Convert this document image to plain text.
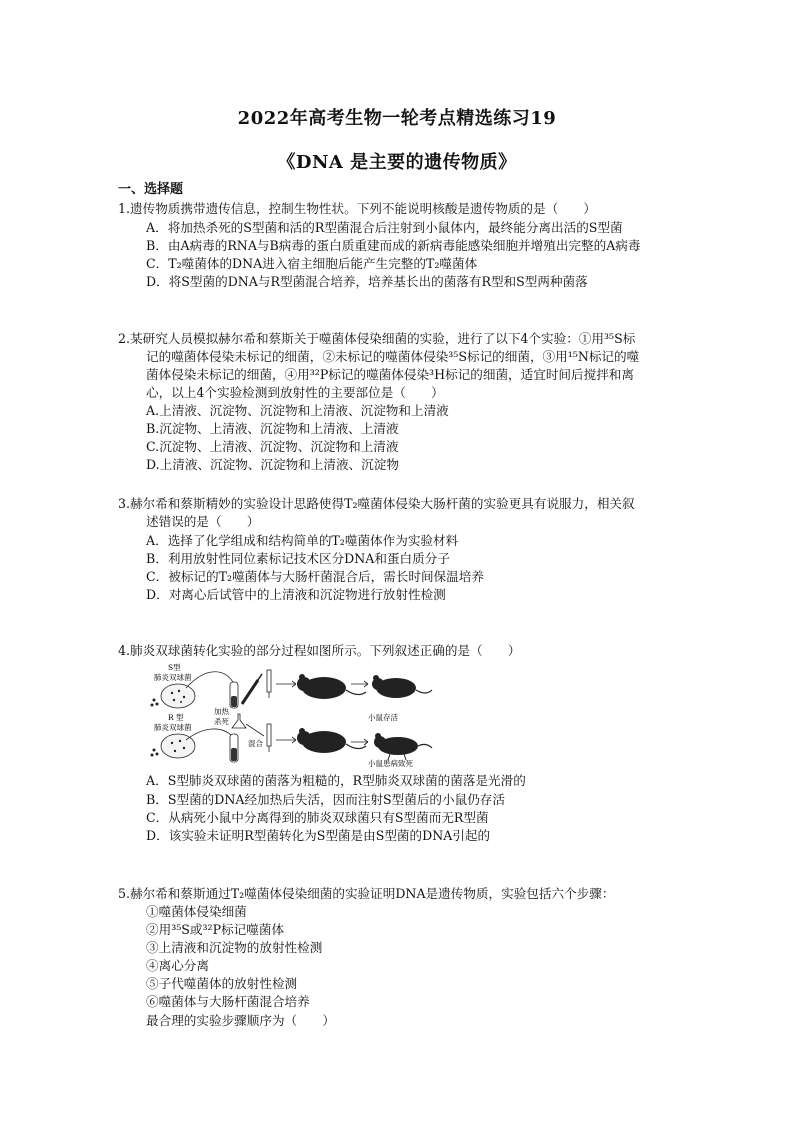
2022年高考生物一轮考点精选练习19
《DNA 是主要的遗传物质》
一、选择题
1.遗传物质携带遗传信息，控制生物性状。下列不能说明核酸是遗传物质的是（　　）
A．将加热杀死的S型菌和活的R型菌混合后注射到小鼠体内，最终能分离出活的S型菌
B．由A病毒的RNA与B病毒的蛋白质重建而成的新病毒能感染细胞并增殖出完整的A病毒
C．T₂噬菌体的DNA进入宿主细胞后能产生完整的T₂噬菌体
D．将S型菌的DNA与R型菌混合培养，培养基长出的菌落有R型和S型两种菌落
2.某研究人员模拟赫尔希和蔡斯关于噬菌体侵染细菌的实验，进行了以下4个实验：①用³⁵S标
记的噬菌体侵染未标记的细菌，②未标记的噬菌体侵染³⁵S标记的细菌，③用¹⁵N标记的噬
菌体侵染未标记的细菌，④用³²P标记的噬菌体侵染³H标记的细菌，适宜时间后搅拌和离
心，以上4个实验检测到放射性的主要部位是（　　）
A.上清液、沉淀物、沉淀物和上清液、沉淀物和上清液
B.沉淀物、上清液、沉淀物和上清液、上清液
C.沉淀物、上清液、沉淀物、沉淀物和上清液
D.上清液、沉淀物、沉淀物和上清液、沉淀物
3.赫尔希和蔡斯精妙的实验设计思路使得T₂噬菌体侵染大肠杆菌的实验更具有说服力，相关叙
述错误的是（　　）
A．选择了化学组成和结构简单的T₂噬菌体作为实验材料
B．利用放射性同位素标记技术区分DNA和蛋白质分子
C．被标记的T₂噬菌体与大肠杆菌混合后，需长时间保温培养
D．对离心后试管中的上清液和沉淀物进行放射性检测
4.肺炎双球菌转化实验的部分过程如图所示。下列叙述正确的是（　　）
S型
肺炎双球菌
加热
杀死	小鼠存活
R 型
肺炎双球菌
混合
小鼠患病致死
A．S型肺炎双球菌的菌落为粗糙的，R型肺炎双球菌的菌落是光滑的
B．S型菌的DNA经加热后失活，因而注射S型菌后的小鼠仍存活
C．从病死小鼠中分离得到的肺炎双球菌只有S型菌而无R型菌
D．该实验未证明R型菌转化为S型菌是由S型菌的DNA引起的
5.赫尔希和蔡斯通过T₂噬菌体侵染细菌的实验证明DNA是遗传物质，实验包括六个步骤：
①噬菌体侵染细菌
②用³⁵S或³²P标记噬菌体
③上清液和沉淀物的放射性检测
④离心分离
⑤子代噬菌体的放射性检测
⑥噬菌体与大肠杆菌混合培养
最合理的实验步骤顺序为（　　）
